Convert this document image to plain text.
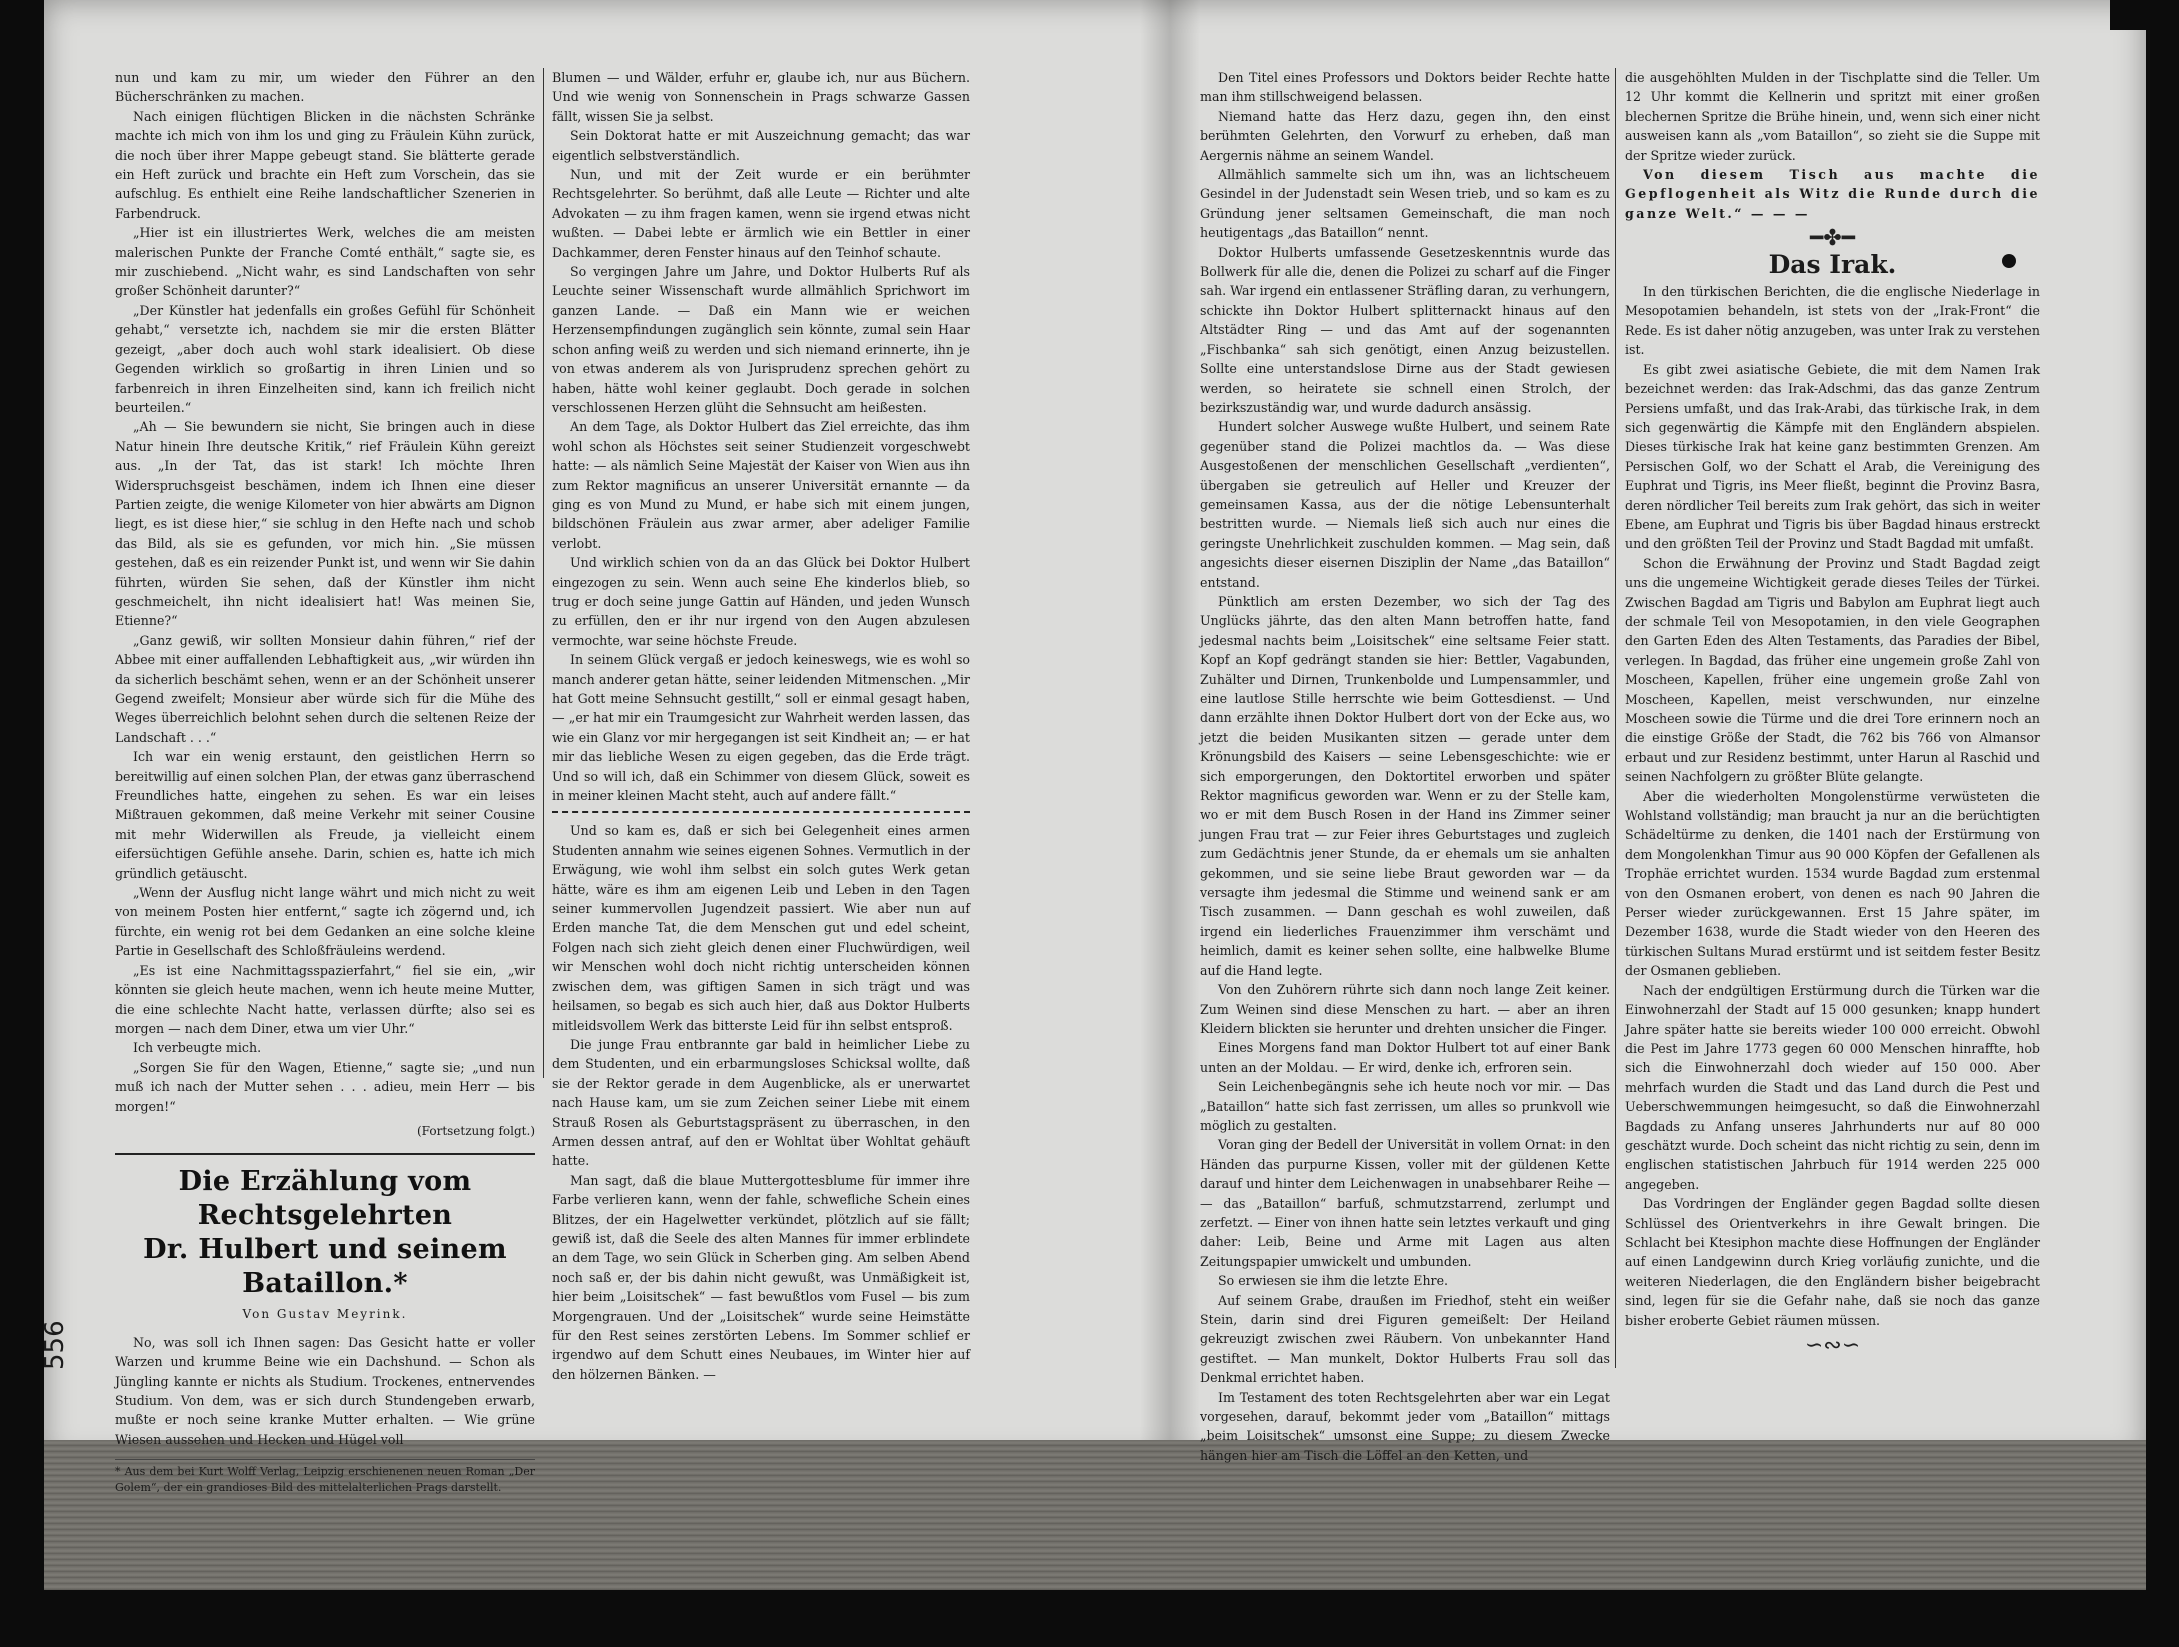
nun und kam zu mir, um wieder den Führer an den Bücherschränken zu machen.

Nach einigen flüchtigen Blicken in die nächsten Schränke machte ich mich von ihm los und ging zu Fräulein Kühn zurück, die noch über ihrer Mappe gebeugt stand. Sie blätterte gerade ein Heft zurück und brachte ein Heft zum Vorschein, das sie aufschlug. Es enthielt eine Reihe landschaftlicher Szenerien in Farbendruck.

„Hier ist ein illustriertes Werk, welches die am meisten malerischen Punkte der Franche Comté enthält,“ sagte sie, es mir zuschiebend. „Nicht wahr, es sind Landschaften von sehr großer Schönheit darunter?“

„Der Künstler hat jedenfalls ein großes Gefühl für Schönheit gehabt,“ versetzte ich, nachdem sie mir die ersten Blätter gezeigt, „aber doch auch wohl stark idealisiert. Ob diese Gegenden wirklich so großartig in ihren Linien und so farbenreich in ihren Einzelheiten sind, kann ich freilich nicht beurteilen.“

„Ah — Sie bewundern sie nicht, Sie bringen auch in diese Natur hinein Ihre deutsche Kritik,“ rief Fräulein Kühn gereizt aus. „In der Tat, das ist stark! Ich möchte Ihren Widerspruchsgeist beschämen, indem ich Ihnen eine dieser Partien zeigte, die wenige Kilometer von hier abwärts am Dignon liegt, es ist diese hier,“ sie schlug in den Hefte nach und schob das Bild, als sie es gefunden, vor mich hin. „Sie müssen gestehen, daß es ein reizender Punkt ist, und wenn wir Sie dahin führten, würden Sie sehen, daß der Künstler ihm nicht geschmeichelt, ihn nicht idealisiert hat! Was meinen Sie, Etienne?“

„Ganz gewiß, wir sollten Monsieur dahin führen,“ rief der Abbee mit einer auffallenden Lebhaftigkeit aus, „wir würden ihn da sicherlich beschämt sehen, wenn er an der Schönheit unserer Gegend zweifelt; Monsieur aber würde sich für die Mühe des Weges überreichlich belohnt sehen durch die seltenen Reize der Landschaft . . .“

Ich war ein wenig erstaunt, den geistlichen Herrn so bereitwillig auf einen solchen Plan, der etwas ganz überraschend Freundliches hatte, eingehen zu sehen. Es war ein leises Mißtrauen gekommen, daß meine Verkehr mit seiner Cousine mit mehr Widerwillen als Freude, ja vielleicht einem eifersüchtigen Gefühle ansehe. Darin, schien es, hatte ich mich gründlich getäuscht.

„Wenn der Ausflug nicht lange währt und mich nicht zu weit von meinem Posten hier entfernt,“ sagte ich zögernd und, ich fürchte, ein wenig rot bei dem Gedanken an eine solche kleine Partie in Gesellschaft des Schloßfräuleins werdend.

„Es ist eine Nachmittagsspazierfahrt,“ fiel sie ein, „wir könnten sie gleich heute machen, wenn ich heute meine Mutter, die eine schlechte Nacht hatte, verlassen dürfte; also sei es morgen — nach dem Diner, etwa um vier Uhr.“

Ich verbeugte mich.

„Sorgen Sie für den Wagen, Etienne,“ sagte sie; „und nun muß ich nach der Mutter sehen . . . adieu, mein Herr — bis morgen!“

(Fortsetzung folgt.)

Die Erzählung vom Rechtsgelehrten
Dr. Hulbert und seinem Bataillon.*
Von Gustav Meyrink.

No, was soll ich Ihnen sagen: Das Gesicht hatte er voller Warzen und krumme Beine wie ein Dachshund. — Schon als Jüngling kannte er nichts als Studium. Trockenes, entnervendes Studium. Von dem, was er sich durch Stundengeben erwarb, mußte er noch seine kranke Mutter erhalten. — Wie grüne Wiesen aussehen und Hecken und Hügel voll

* Aus dem bei Kurt Wolff Verlag, Leipzig erschienenen neuen Roman „Der Golem“, der ein grandioses Bild des mittelalterlichen Prags darstellt.

Blumen — und Wälder, erfuhr er, glaube ich, nur aus Büchern. Und wie wenig von Sonnenschein in Prags schwarze Gassen fällt, wissen Sie ja selbst.

Sein Doktorat hatte er mit Auszeichnung gemacht; das war eigentlich selbstverständlich.

Nun, und mit der Zeit wurde er ein berühmter Rechtsgelehrter. So berühmt, daß alle Leute — Richter und alte Advokaten — zu ihm fragen kamen, wenn sie irgend etwas nicht wußten. — Dabei lebte er ärmlich wie ein Bettler in einer Dachkammer, deren Fenster hinaus auf den Teinhof schaute.

So vergingen Jahre um Jahre, und Doktor Hulberts Ruf als Leuchte seiner Wissenschaft wurde allmählich Sprichwort im ganzen Lande. — Daß ein Mann wie er weichen Herzensempfindungen zugänglich sein könnte, zumal sein Haar schon anfing weiß zu werden und sich niemand erinnerte, ihn je von etwas anderem als von Jurisprudenz sprechen gehört zu haben, hätte wohl keiner geglaubt. Doch gerade in solchen verschlossenen Herzen glüht die Sehnsucht am heißesten.

An dem Tage, als Doktor Hulbert das Ziel erreichte, das ihm wohl schon als Höchstes seit seiner Studienzeit vorgeschwebt hatte: — als nämlich Seine Majestät der Kaiser von Wien aus ihn zum Rektor magnificus an unserer Universität ernannte — da ging es von Mund zu Mund, er habe sich mit einem jungen, bildschönen Fräulein aus zwar armer, aber adeliger Familie verlobt.

Und wirklich schien von da an das Glück bei Doktor Hulbert eingezogen zu sein. Wenn auch seine Ehe kinderlos blieb, so trug er doch seine junge Gattin auf Händen, und jeden Wunsch zu erfüllen, den er ihr nur irgend von den Augen abzulesen vermochte, war seine höchste Freude.

In seinem Glück vergaß er jedoch keineswegs, wie es wohl so manch anderer getan hätte, seiner leidenden Mitmenschen. „Mir hat Gott meine Sehnsucht gestillt,“ soll er einmal gesagt haben, — „er hat mir ein Traumgesicht zur Wahrheit werden lassen, das wie ein Glanz vor mir hergegangen ist seit Kindheit an; — er hat mir das liebliche Wesen zu eigen gegeben, das die Erde trägt. Und so will ich, daß ein Schimmer von diesem Glück, soweit es in meiner kleinen Macht steht, auch auf andere fällt.“

Und so kam es, daß er sich bei Gelegenheit eines armen Studenten annahm wie seines eigenen Sohnes. Vermutlich in der Erwägung, wie wohl ihm selbst ein solch gutes Werk getan hätte, wäre es ihm am eigenen Leib und Leben in den Tagen seiner kummervollen Jugendzeit passiert. Wie aber nun auf Erden manche Tat, die dem Menschen gut und edel scheint, Folgen nach sich zieht gleich denen einer Fluchwürdigen, weil wir Menschen wohl doch nicht richtig unterscheiden können zwischen dem, was giftigen Samen in sich trägt und was heilsamen, so begab es sich auch hier, daß aus Doktor Hulberts mitleidsvollem Werk das bitterste Leid für ihn selbst entsproß.

Die junge Frau entbrannte gar bald in heimlicher Liebe zu dem Studenten, und ein erbarmungsloses Schicksal wollte, daß sie der Rektor gerade in dem Augenblicke, als er unerwartet nach Hause kam, um sie zum Zeichen seiner Liebe mit einem Strauß Rosen als Geburtstagspräsent zu überraschen, in den Armen dessen antraf, auf den er Wohltat über Wohltat gehäuft hatte.

Man sagt, daß die blaue Muttergottesblume für immer ihre Farbe verlieren kann, wenn der fahle, schwefliche Schein eines Blitzes, der ein Hagelwetter verkündet, plötzlich auf sie fällt; gewiß ist, daß die Seele des alten Mannes für immer erblindete an dem Tage, wo sein Glück in Scherben ging. Am selben Abend noch saß er, der bis dahin nicht gewußt, was Unmäßigkeit ist, hier beim „Loisitschek“ — fast bewußtlos vom Fusel — bis zum Morgengrauen. Und der „Loisitschek“ wurde seine Heimstätte für den Rest seines zerstörten Lebens. Im Sommer schlief er irgendwo auf dem Schutt eines Neubaues, im Winter hier auf den hölzernen Bänken. —

Den Titel eines Professors und Doktors beider Rechte hatte man ihm stillschweigend belassen.

Niemand hatte das Herz dazu, gegen ihn, den einst berühmten Gelehrten, den Vorwurf zu erheben, daß man Aergernis nähme an seinem Wandel.

Allmählich sammelte sich um ihn, was an lichtscheuem Gesindel in der Judenstadt sein Wesen trieb, und so kam es zu Gründung jener seltsamen Gemeinschaft, die man noch heutigentags „das Bataillon“ nennt.

Doktor Hulberts umfassende Gesetzeskenntnis wurde das Bollwerk für alle die, denen die Polizei zu scharf auf die Finger sah. War irgend ein entlassener Sträfling daran, zu verhungern, schickte ihn Doktor Hulbert splitternackt hinaus auf den Altstädter Ring — und das Amt auf der sogenannten „Fischbanka“ sah sich genötigt, einen Anzug beizustellen. Sollte eine unterstandslose Dirne aus der Stadt gewiesen werden, so heiratete sie schnell einen Strolch, der bezirkszuständig war, und wurde dadurch ansässig.

Hundert solcher Auswege wußte Hulbert, und seinem Rate gegenüber stand die Polizei machtlos da. — Was diese Ausgestoßenen der menschlichen Gesellschaft „verdienten“, übergaben sie getreulich auf Heller und Kreuzer der gemeinsamen Kassa, aus der die nötige Lebensunterhalt bestritten wurde. — Niemals ließ sich auch nur eines die geringste Unehrlichkeit zuschulden kommen. — Mag sein, daß angesichts dieser eisernen Disziplin der Name „das Bataillon“ entstand.

Pünktlich am ersten Dezember, wo sich der Tag des Unglücks jährte, das den alten Mann betroffen hatte, fand jedesmal nachts beim „Loisitschek“ eine seltsame Feier statt. Kopf an Kopf gedrängt standen sie hier: Bettler, Vagabunden, Zuhälter und Dirnen, Trunkenbolde und Lumpensammler, und eine lautlose Stille herrschte wie beim Gottesdienst. — Und dann erzählte ihnen Doktor Hulbert dort von der Ecke aus, wo jetzt die beiden Musikanten sitzen — gerade unter dem Krönungsbild des Kaisers — seine Lebensgeschichte: wie er sich emporgerungen, den Doktortitel erworben und später Rektor magnificus geworden war. Wenn er zu der Stelle kam, wo er mit dem Busch Rosen in der Hand ins Zimmer seiner jungen Frau trat — zur Feier ihres Geburtstages und zugleich zum Gedächtnis jener Stunde, da er ehemals um sie anhalten gekommen, und sie seine liebe Braut geworden war — da versagte ihm jedesmal die Stimme und weinend sank er am Tisch zusammen. — Dann geschah es wohl zuweilen, daß irgend ein liederliches Frauenzimmer ihm verschämt und heimlich, damit es keiner sehen sollte, eine halbwelke Blume auf die Hand legte.

Von den Zuhörern rührte sich dann noch lange Zeit keiner. Zum Weinen sind diese Menschen zu hart. — aber an ihren Kleidern blickten sie herunter und drehten unsicher die Finger.

Eines Morgens fand man Doktor Hulbert tot auf einer Bank unten an der Moldau. — Er wird, denke ich, erfroren sein.

Sein Leichenbegängnis sehe ich heute noch vor mir. — Das „Bataillon“ hatte sich fast zerrissen, um alles so prunkvoll wie möglich zu gestalten.

Voran ging der Bedell der Universität in vollem Ornat: in den Händen das purpurne Kissen, voller mit der güldenen Kette darauf und hinter dem Leichenwagen in unabsehbarer Reihe — — das „Bataillon“ barfuß, schmutzstarrend, zerlumpt und zerfetzt. — Einer von ihnen hatte sein letztes verkauft und ging daher: Leib, Beine und Arme mit Lagen aus alten Zeitungspapier umwickelt und umbunden.

So erwiesen sie ihm die letzte Ehre.

Auf seinem Grabe, draußen im Friedhof, steht ein weißer Stein, darin sind drei Figuren gemeißelt: Der Heiland gekreuzigt zwischen zwei Räubern. Von unbekannter Hand gestiftet. — Man munkelt, Doktor Hulberts Frau soll das Denkmal errichtet haben.

Im Testament des toten Rechtsgelehrten aber war ein Legat vorgesehen, darauf, bekommt jeder vom „Bataillon“ mittags „beim Loisitschek“ umsonst eine Suppe; zu diesem Zwecke hängen hier am Tisch die Löffel an den Ketten, und

die ausgehöhlten Mulden in der Tischplatte sind die Teller. Um 12 Uhr kommt die Kellnerin und spritzt mit einer großen blechernen Spritze die Brühe hinein, und, wenn sich einer nicht ausweisen kann als „vom Bataillon“, so zieht sie die Suppe mit der Spritze wieder zurück.

Von diesem Tisch aus machte die Gepflogenheit als Witz die Runde durch die ganze Welt.“ — — —

━✤━
Das Irak.

In den türkischen Berichten, die die englische Niederlage in Mesopotamien behandeln, ist stets von der „Irak-Front“ die Rede. Es ist daher nötig anzugeben, was unter Irak zu verstehen ist.

Es gibt zwei asiatische Gebiete, die mit dem Namen Irak bezeichnet werden: das Irak-Adschmi, das das ganze Zentrum Persiens umfaßt, und das Irak-Arabi, das türkische Irak, in dem sich gegenwärtig die Kämpfe mit den Engländern abspielen. Dieses türkische Irak hat keine ganz bestimmten Grenzen. Am Persischen Golf, wo der Schatt el Arab, die Vereinigung des Euphrat und Tigris, ins Meer fließt, beginnt die Provinz Basra, deren nördlicher Teil bereits zum Irak gehört, das sich in weiter Ebene, am Euphrat und Tigris bis über Bagdad hinaus erstreckt und den größten Teil der Provinz und Stadt Bagdad mit umfaßt.

Schon die Erwähnung der Provinz und Stadt Bagdad zeigt uns die ungemeine Wichtigkeit gerade dieses Teiles der Türkei. Zwischen Bagdad am Tigris und Babylon am Euphrat liegt auch der schmale Teil von Mesopotamien, in den viele Geographen den Garten Eden des Alten Testaments, das Paradies der Bibel, verlegen. In Bagdad, das früher eine ungemein große Zahl von Moscheen, Kapellen, früher eine ungemein große Zahl von Moscheen, Kapellen, meist verschwunden, nur einzelne Moscheen sowie die Türme und die drei Tore erinnern noch an die einstige Größe der Stadt, die 762 bis 766 von Almansor erbaut und zur Residenz bestimmt, unter Harun al Raschid und seinen Nachfolgern zu größter Blüte gelangte.

Aber die wiederholten Mongolenstürme verwüsteten die Wohlstand vollständig; man braucht ja nur an die berüchtigten Schädeltürme zu denken, die 1401 nach der Erstürmung von dem Mongolenkhan Timur aus 90 000 Köpfen der Gefallenen als Trophäe errichtet wurden. 1534 wurde Bagdad zum erstenmal von den Osmanen erobert, von denen es nach 90 Jahren die Perser wieder zurückgewannen. Erst 15 Jahre später, im Dezember 1638, wurde die Stadt wieder von den Heeren des türkischen Sultans Murad erstürmt und ist seitdem fester Besitz der Osmanen geblieben.

Nach der endgültigen Erstürmung durch die Türken war die Einwohnerzahl der Stadt auf 15 000 gesunken; knapp hundert Jahre später hatte sie bereits wieder 100 000 erreicht. Obwohl die Pest im Jahre 1773 gegen 60 000 Menschen hinraffte, hob sich die Einwohnerzahl doch wieder auf 150 000. Aber mehrfach wurden die Stadt und das Land durch die Pest und Ueberschwemmungen heimgesucht, so daß die Einwohnerzahl Bagdads zu Anfang unseres Jahrhunderts nur auf 80 000 geschätzt wurde. Doch scheint das nicht richtig zu sein, denn im englischen statistischen Jahrbuch für 1914 werden 225 000 angegeben.

Das Vordringen der Engländer gegen Bagdad sollte diesen Schlüssel des Orientverkehrs in ihre Gewalt bringen. Die Schlacht bei Ktesiphon machte diese Hoffnungen der Engländer auf einen Landgewinn durch Krieg vorläufig zunichte, und die weiteren Niederlagen, die den Engländern bisher beigebracht sind, legen für sie die Gefahr nahe, daß sie noch das ganze bisher eroberte Gebiet räumen müssen.

∽∾∽
556
